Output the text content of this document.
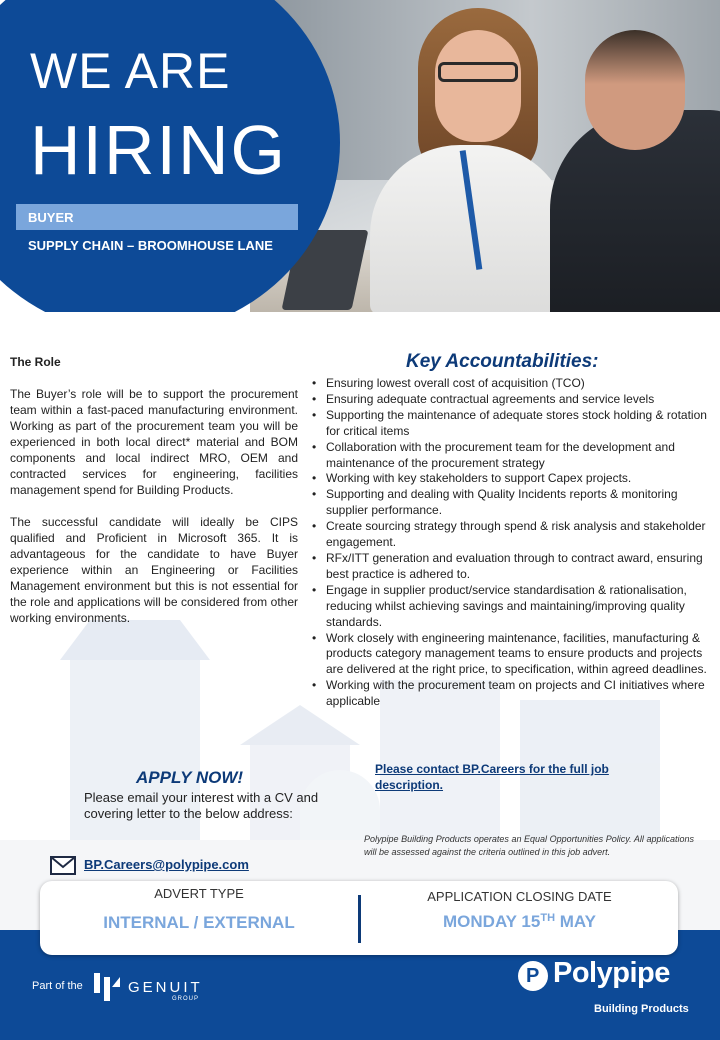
WE ARE
HIRING
BUYER
SUPPLY CHAIN – BROOMHOUSE LANE
The Role

The Buyer’s role will be to support the procurement team within a fast-paced manufacturing environment. Working as part of the procurement team you will be experienced in both local direct* material and BOM components and local indirect MRO, OEM and contracted services for engineering, facilities management spend for Building Products.

The successful candidate will ideally be CIPS qualified and Proficient in Microsoft 365. It is advantageous for the candidate to have Buyer experience within an Engineering or Facilities Management environment but this is not essential for the role and applications will be considered from other working environments.

Key Accountabilities:
• Ensuring lowest overall cost of acquisition (TCO)
• Ensuring adequate contractual agreements and service levels
• Supporting the maintenance of adequate stores stock holding & rotation for critical items
• Collaboration with the procurement team for the development and maintenance of the procurement strategy
• Working with key stakeholders to support Capex projects.
• Supporting and dealing with Quality Incidents reports & monitoring supplier performance.
• Create sourcing strategy through spend & risk analysis and stakeholder engagement.
• RFx/ITT generation and evaluation through to contract award, ensuring best practice is adhered to.
• Engage in supplier product/service standardisation & rationalisation, reducing whilst achieving savings and maintaining/improving quality standards.
• Work closely with engineering maintenance, facilities, manufacturing & products category management teams to ensure products and projects are delivered at the right price, to specification, within agreed deadlines.
• Working with the procurement team on projects and CI initiatives where applicable
APPLY NOW!
Please email your interest with a CV and covering letter to the below address:
BP.Careers@polypipe.com
Please contact BP.Careers for the full job description.
Polypipe Building Products operates an Equal Opportunities Policy. All applications will be assessed against the criteria outlined in this job advert.
ADVERT TYPE
INTERNAL / EXTERNAL
APPLICATION CLOSING DATE
MONDAY 15TH MAY
Part of the	GENUIT
GROUP
P Polypipe
Building Products
